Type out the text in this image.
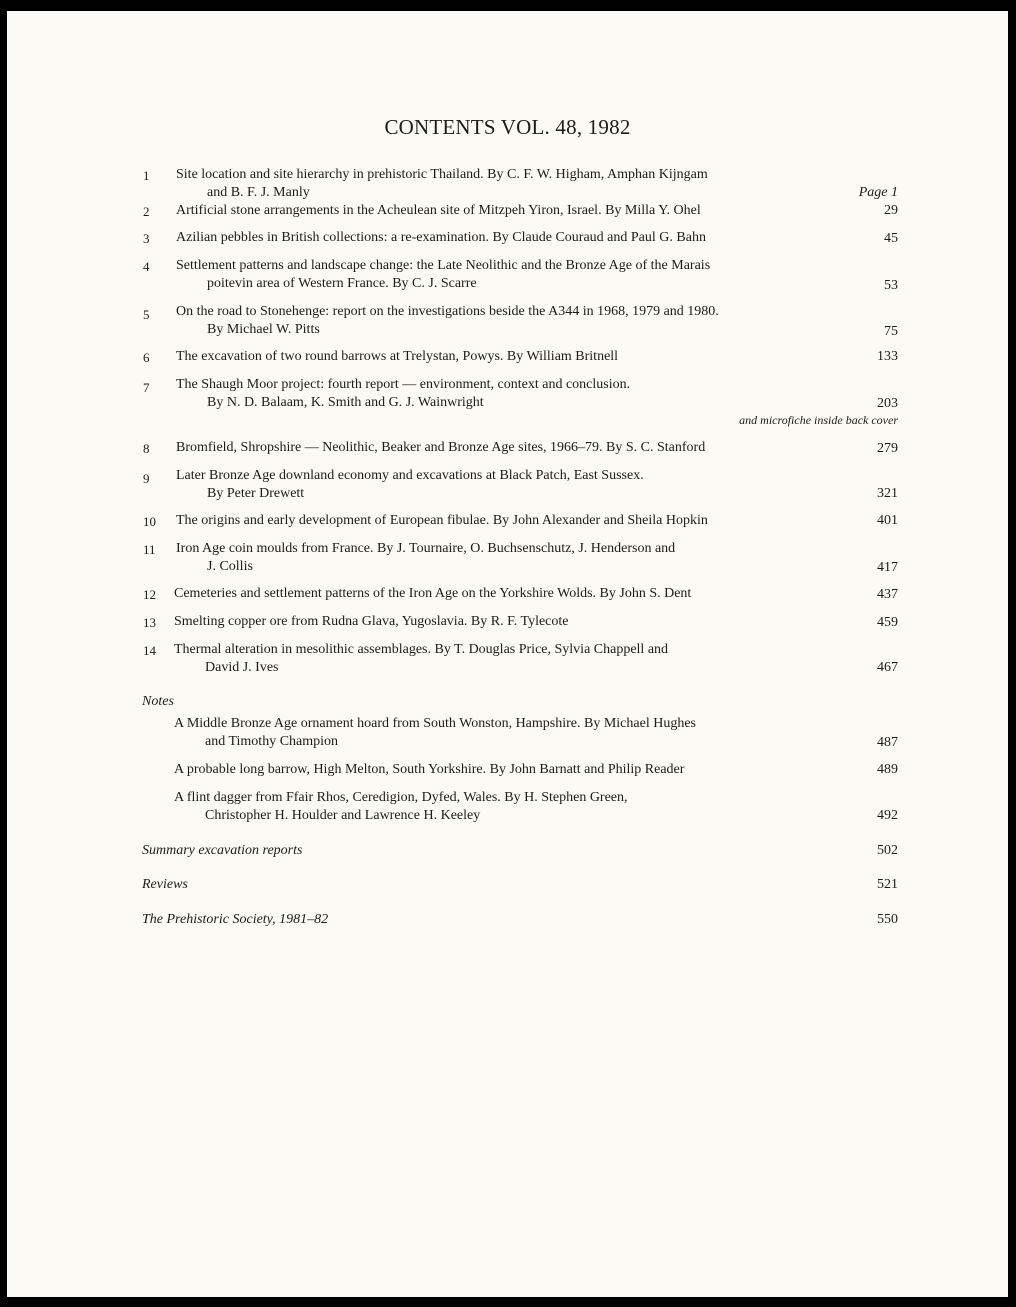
CONTENTS VOL. 48, 1982
1	Site location and site hierarchy in prehistoric Thailand. By C. F. W. Higham, Amphan Kijngam
and B. F. J. Manly	Page 1
2	Artificial stone arrangements in the Acheulean site of Mitzpeh Yiron, Israel. By Milla Y. Ohel	29
3	Azilian pebbles in British collections: a re-examination. By Claude Couraud and Paul G. Bahn	45
4	Settlement patterns and landscape change: the Late Neolithic and the Bronze Age of the Marais
poitevin area of Western France. By C. J. Scarre	53
5	On the road to Stonehenge: report on the investigations beside the A344 in 1968, 1979 and 1980.
By Michael W. Pitts	75
6	The excavation of two round barrows at Trelystan, Powys. By William Britnell	133
7	The Shaugh Moor project: fourth report — environment, context and conclusion.
By N. D. Balaam, K. Smith and G. J. Wainwright	203
and microfiche inside back cover
8	Bromfield, Shropshire — Neolithic, Beaker and Bronze Age sites, 1966–79. By S. C. Stanford	279
9	Later Bronze Age downland economy and excavations at Black Patch, East Sussex.
By Peter Drewett	321
10	The origins and early development of European fibulae. By John Alexander and Sheila Hopkin	401
11	Iron Age coin moulds from France. By J. Tournaire, O. Buchsenschutz, J. Henderson and
J. Collis	417
12	Cemeteries and settlement patterns of the Iron Age on the Yorkshire Wolds. By John S. Dent	437
13	Smelting copper ore from Rudna Glava, Yugoslavia. By R. F. Tylecote	459
14	Thermal alteration in mesolithic assemblages. By T. Douglas Price, Sylvia Chappell and
David J. Ives	467
Notes
A Middle Bronze Age ornament hoard from South Wonston, Hampshire. By Michael Hughes
and Timothy Champion	487
A probable long barrow, High Melton, South Yorkshire. By John Barnatt and Philip Reader	489
A flint dagger from Ffair Rhos, Ceredigion, Dyfed, Wales. By H. Stephen Green,
Christopher H. Houlder and Lawrence H. Keeley	492
Summary excavation reports	502
Reviews	521
The Prehistoric Society, 1981–82	550
